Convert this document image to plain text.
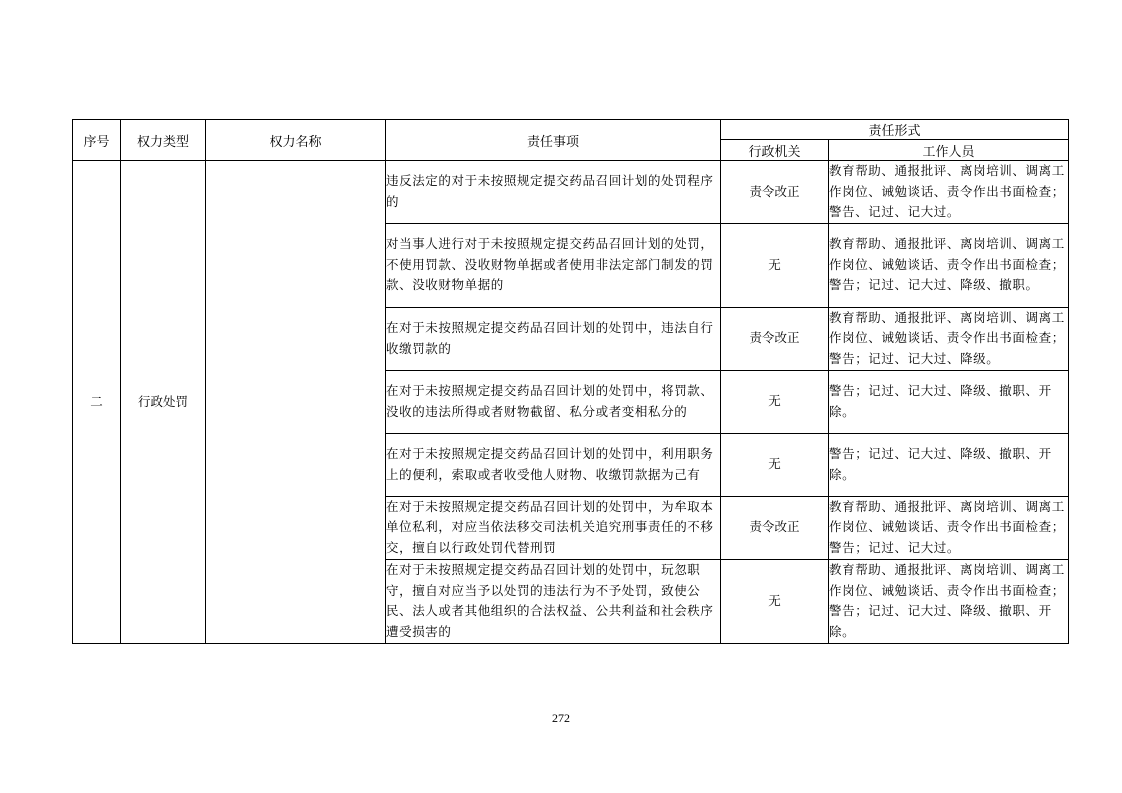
序号	权力类型	权力名称	责任事项	责任形式	
				行政机关	工作人员
二	行政处罚		违反法定的对于未按照规定提交药品召回计划的处罚程序的	责令改正	教育帮助、通报批评、离岗培训、调离工作岗位、诫勉谈话、责令作出书面检查；警告、记过、记大过。
			对当事人进行对于未按照规定提交药品召回计划的处罚，不使用罚款、没收财物单据或者使用非法定部门制发的罚款、没收财物单据的	无	教育帮助、通报批评、离岗培训、调离工作岗位、诫勉谈话、责令作出书面检查；警告；记过、记大过、降级、撤职。
			在对于未按照规定提交药品召回计划的处罚中，违法自行收缴罚款的	责令改正	教育帮助、通报批评、离岗培训、调离工作岗位、诫勉谈话、责令作出书面检查；警告；记过、记大过、降级。
			在对于未按照规定提交药品召回计划的处罚中，将罚款、没收的违法所得或者财物截留、私分或者变相私分的	无	警告；记过、记大过、降级、撤职、开除。
			在对于未按照规定提交药品召回计划的处罚中，利用职务上的便利，索取或者收受他人财物、收缴罚款据为己有	无	警告；记过、记大过、降级、撤职、开除。
			在对于未按照规定提交药品召回计划的处罚中，为牟取本单位私利，对应当依法移交司法机关追究刑事责任的不移交，擅自以行政处罚代替刑罚	责令改正	教育帮助、通报批评、离岗培训、调离工作岗位、诫勉谈话、责令作出书面检查；警告；记过、记大过。
			在对于未按照规定提交药品召回计划的处罚中，玩忽职守，擅自对应当予以处罚的违法行为不予处罚，致使公民、法人或者其他组织的合法权益、公共利益和社会秩序遭受损害的	无	教育帮助、通报批评、离岗培训、调离工作岗位、诫勉谈话、责令作出书面检查；警告；记过、记大过、降级、撤职、开除。
272
